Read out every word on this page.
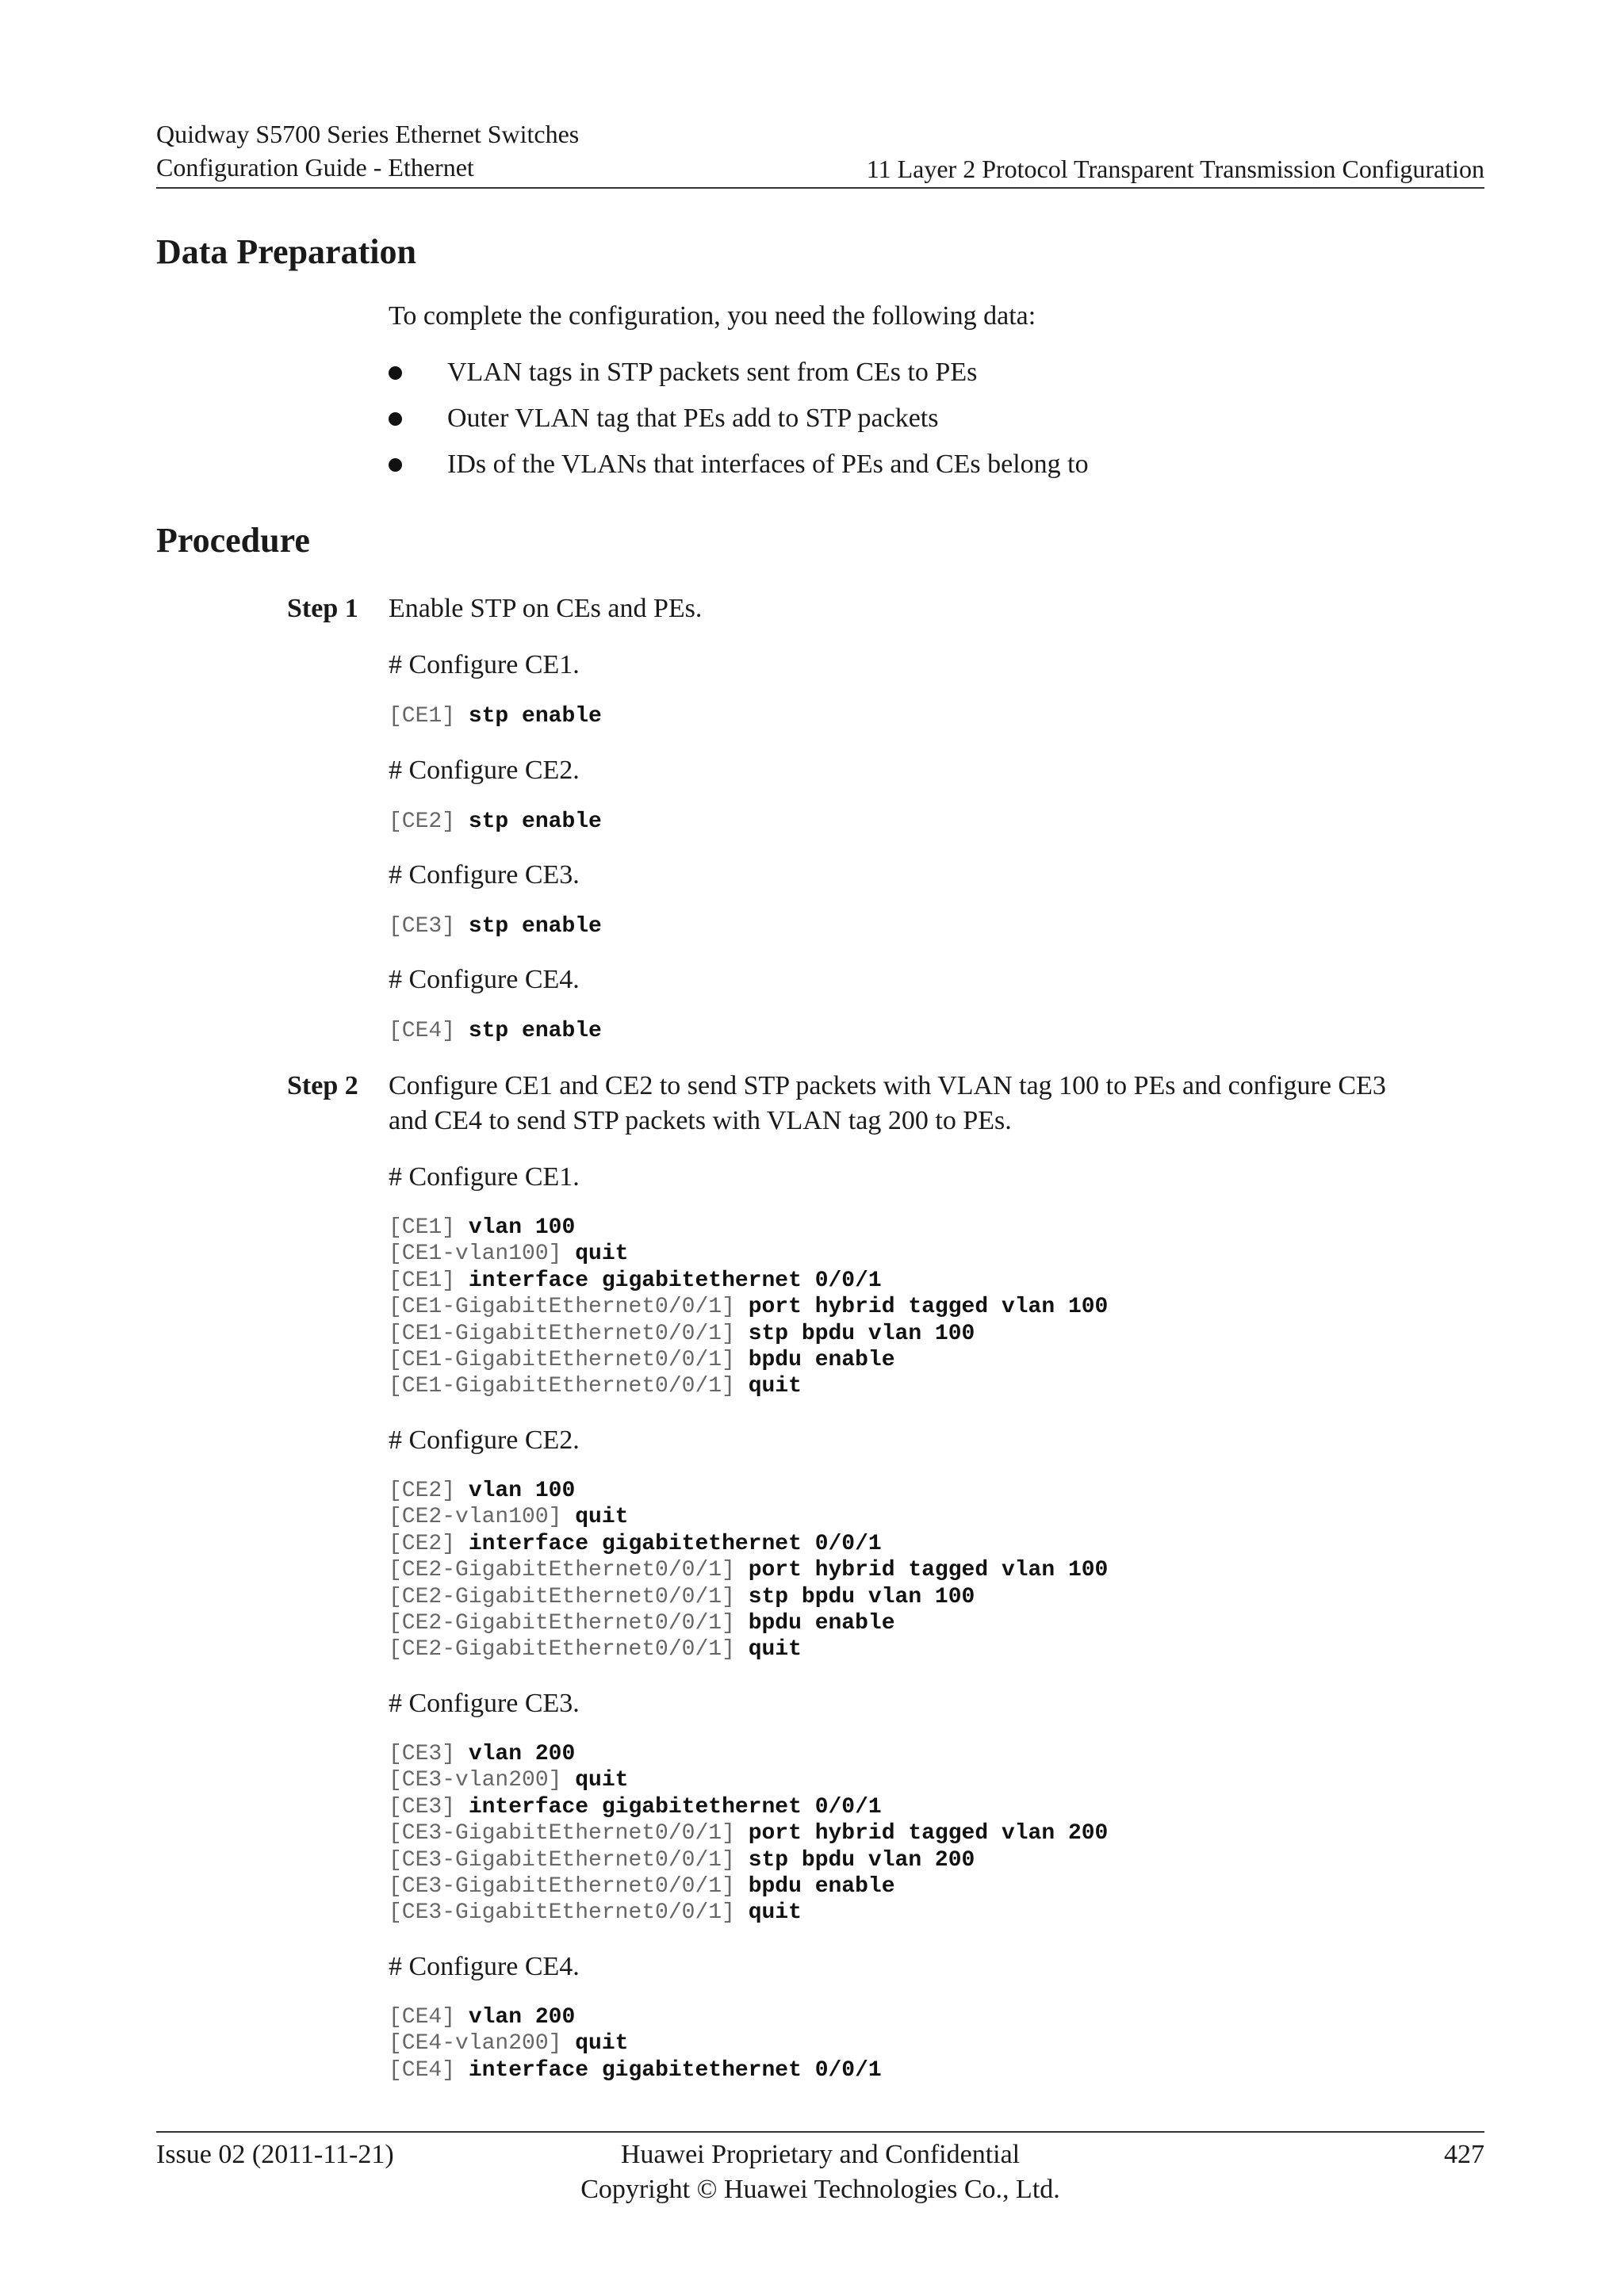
Quidway S5700 Series Ethernet Switches
Configuration Guide - Ethernet	11 Layer 2 Protocol Transparent Transmission Configuration
Data Preparation
To complete the configuration, you need the following data:
VLAN tags in STP packets sent from CEs to PEs
Outer VLAN tag that PEs add to STP packets
IDs of the VLANs that interfaces of PEs and CEs belong to
Procedure
Step 1 Enable STP on CEs and PEs.
# Configure CE1.
[CE1] stp enable
# Configure CE2.
[CE2] stp enable
# Configure CE3.
[CE3] stp enable
# Configure CE4.
[CE4] stp enable
Step 2 Configure CE1 and CE2 to send STP packets with VLAN tag 100 to PEs and configure CE3
and CE4 to send STP packets with VLAN tag 200 to PEs.
# Configure CE1.
[CE1] vlan 100
[CE1-vlan100] quit
[CE1] interface gigabitethernet 0/0/1
[CE1-GigabitEthernet0/0/1] port hybrid tagged vlan 100
[CE1-GigabitEthernet0/0/1] stp bpdu vlan 100
[CE1-GigabitEthernet0/0/1] bpdu enable
[CE1-GigabitEthernet0/0/1] quit
# Configure CE2.
[CE2] vlan 100
[CE2-vlan100] quit
[CE2] interface gigabitethernet 0/0/1
[CE2-GigabitEthernet0/0/1] port hybrid tagged vlan 100
[CE2-GigabitEthernet0/0/1] stp bpdu vlan 100
[CE2-GigabitEthernet0/0/1] bpdu enable
[CE2-GigabitEthernet0/0/1] quit
# Configure CE3.
[CE3] vlan 200
[CE3-vlan200] quit
[CE3] interface gigabitethernet 0/0/1
[CE3-GigabitEthernet0/0/1] port hybrid tagged vlan 200
[CE3-GigabitEthernet0/0/1] stp bpdu vlan 200
[CE3-GigabitEthernet0/0/1] bpdu enable
[CE3-GigabitEthernet0/0/1] quit
# Configure CE4.
[CE4] vlan 200
[CE4-vlan200] quit
[CE4] interface gigabitethernet 0/0/1
Issue 02 (2011-11-21)	Huawei Proprietary and Confidential
Copyright © Huawei Technologies Co., Ltd.
427
